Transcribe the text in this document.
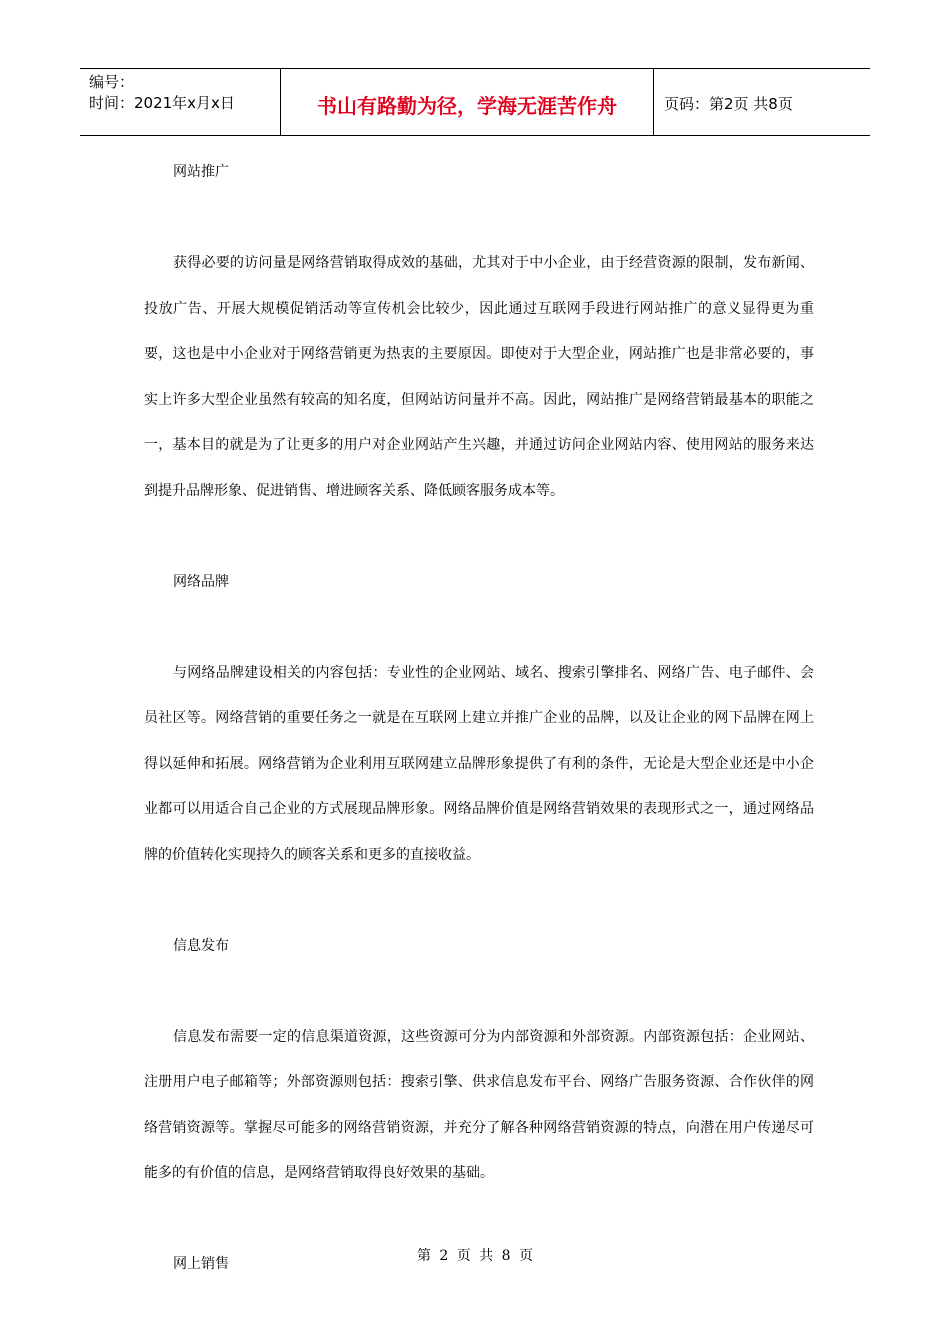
编号：
时间：2021年x月x日	书山有路勤为径，学海无涯苦作舟	页码：第2页 共8页
网站推广

获得必要的访问量是网络营销取得成效的基础，尤其对于中小企业，由于经营资源的限制，发布新闻、投放广告、开展大规模促销活动等宣传机会比较少，因此通过互联网手段进行网站推广的意义显得更为重要，这也是中小企业对于网络营销更为热衷的主要原因。即使对于大型企业，网站推广也是非常必要的，事实上许多大型企业虽然有较高的知名度，但网站访问量并不高。因此，网站推广是网络营销最基本的职能之一，基本目的就是为了让更多的用户对企业网站产生兴趣，并通过访问企业网站内容、使用网站的服务来达到提升品牌形象、促进销售、增进顾客关系、降低顾客服务成本等。

网络品牌

与网络品牌建设相关的内容包括：专业性的企业网站、域名、搜索引擎排名、网络广告、电子邮件、会员社区等。网络营销的重要任务之一就是在互联网上建立并推广企业的品牌，以及让企业的网下品牌在网上得以延伸和拓展。网络营销为企业利用互联网建立品牌形象提供了有利的条件，无论是大型企业还是中小企业都可以用适合自己企业的方式展现品牌形象。网络品牌价值是网络营销效果的表现形式之一，通过网络品牌的价值转化实现持久的顾客关系和更多的直接收益。

信息发布

信息发布需要一定的信息渠道资源，这些资源可分为内部资源和外部资源。内部资源包括：企业网站、注册用户电子邮箱等；外部资源则包括：搜索引擎、供求信息发布平台、网络广告服务资源、合作伙伴的网络营销资源等。掌握尽可能多的网络营销资源，并充分了解各种网络营销资源的特点，向潜在用户传递尽可能多的有价值的信息，是网络营销取得良好效果的基础。

网上销售	第 2 页 共 8 页
